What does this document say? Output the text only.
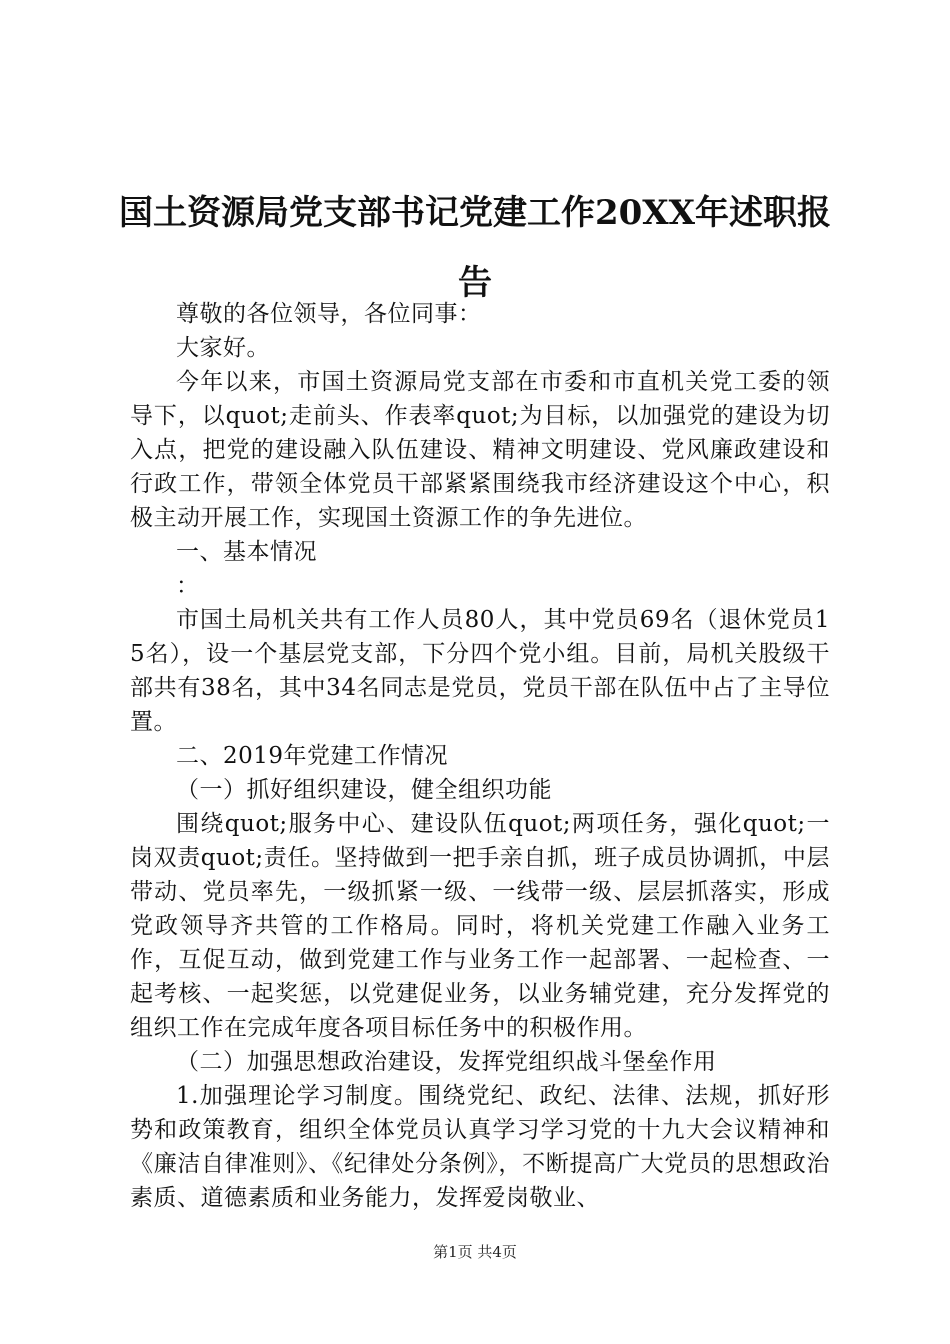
国土资源局党支部书记党建工作20XX年述职报告

尊敬的各位领导，各位同事：

大家好。

今年以来，市国土资源局党支部在市委和市直机关党工委的领导下，以quot;走前头、作表率quot;为目标，以加强党的建设为切入点，把党的建设融入队伍建设、精神文明建设、党风廉政建设和行政工作，带领全体党员干部紧紧围绕我市经济建设这个中心，积极主动开展工作，实现国土资源工作的争先进位。

一、基本情况

：

市国土局机关共有工作人员80人，其中党员69名（退休党员15名），设一个基层党支部，下分四个党小组。目前，局机关股级干部共有38名，其中34名同志是党员，党员干部在队伍中占了主导位置。

二、2019年党建工作情况

（一）抓好组织建设，健全组织功能

围绕quot;服务中心、建设队伍quot;两项任务，强化quot;一岗双责quot;责任。坚持做到一把手亲自抓，班子成员协调抓，中层带动、党员率先，一级抓紧一级、一线带一级、层层抓落实，形成党政领导齐共管的工作格局。同时，将机关党建工作融入业务工作，互促互动，做到党建工作与业务工作一起部署、一起检查、一起考核、一起奖惩，以党建促业务，以业务辅党建，充分发挥党的组织工作在完成年度各项目标任务中的积极作用。

（二）加强思想政治建设，发挥党组织战斗堡垒作用

1.加强理论学习制度。围绕党纪、政纪、法律、法规，抓好形势和政策教育，组织全体党员认真学习学习党的十九大会议精神和《廉洁自律准则》、《纪律处分条例》，不断提高广大党员的思想政治素质、道德素质和业务能力，发挥爱岗敬业、

第1页 共4页
